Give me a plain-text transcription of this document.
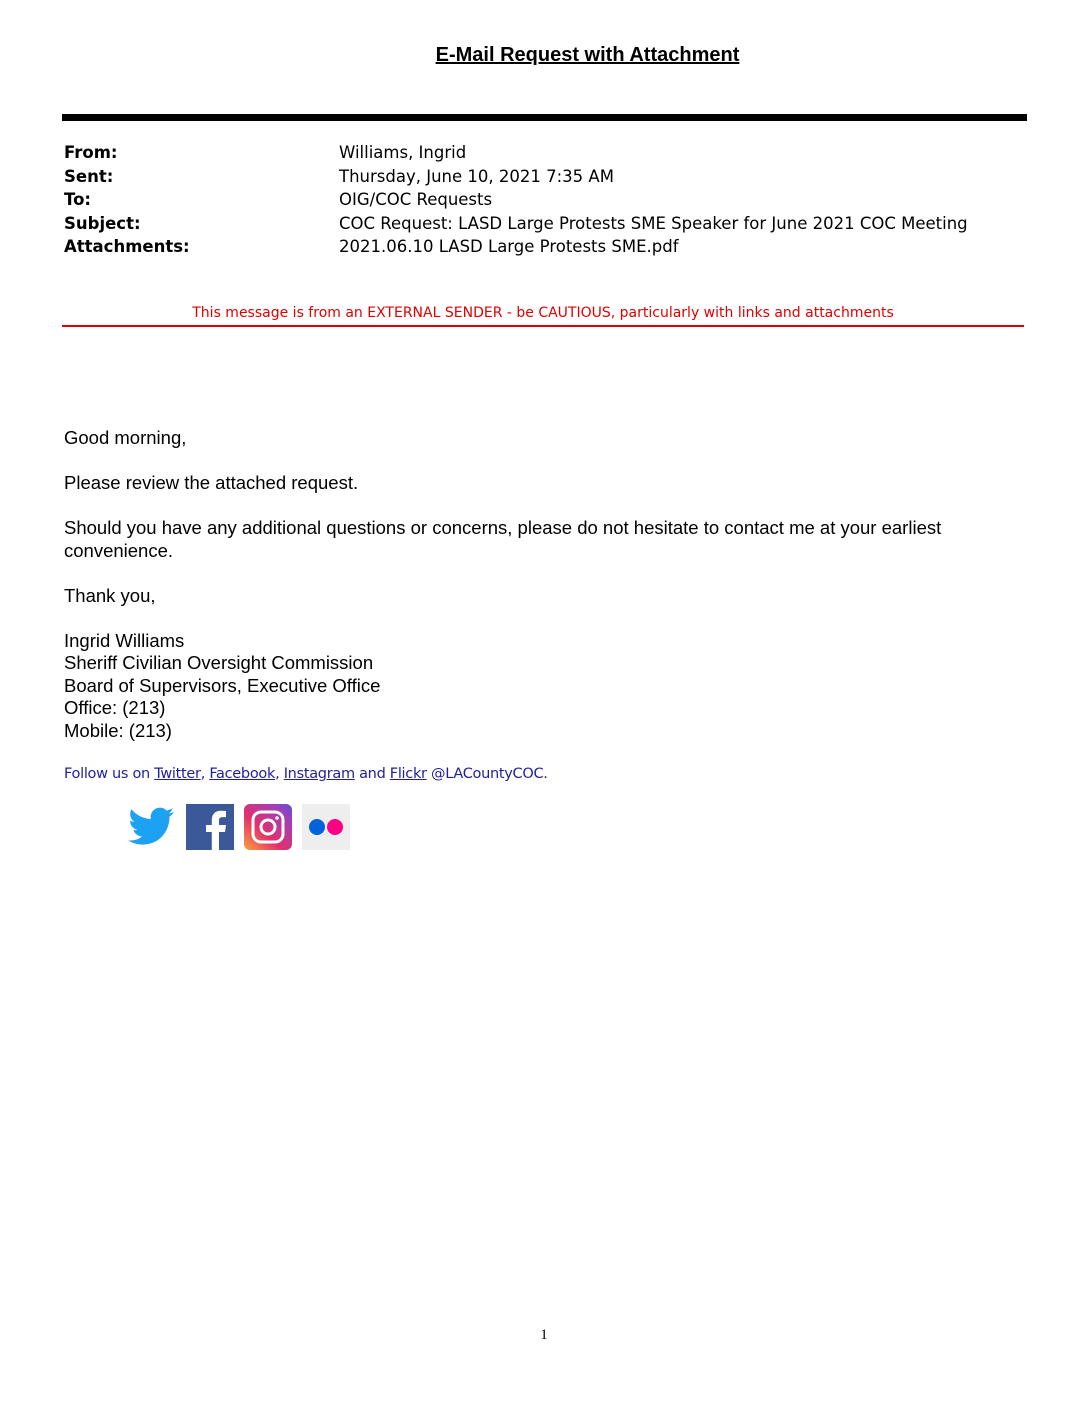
E-Mail Request with Attachment
From:	Williams, Ingrid
Sent:	Thursday, June 10, 2021 7:35 AM
To:	OIG/COC Requests
Subject:	COC Request: LASD Large Protests SME Speaker for June 2021 COC Meeting
Attachments:	2021.06.10 LASD Large Protests SME.pdf
This message is from an EXTERNAL SENDER - be CAUTIOUS, particularly with links and attachments

Good morning,

Please review the attached request.

Should you have any additional questions or concerns, please do not hesitate to contact me at your earliest convenience.

Thank you,

Ingrid Williams

Sheriff Civilian Oversight Commission

Board of Supervisors, Executive Office

Office: (213)

Mobile: (213)

Follow us on Twitter, Facebook, Instagram and Flickr @LACountyCOC.
1
